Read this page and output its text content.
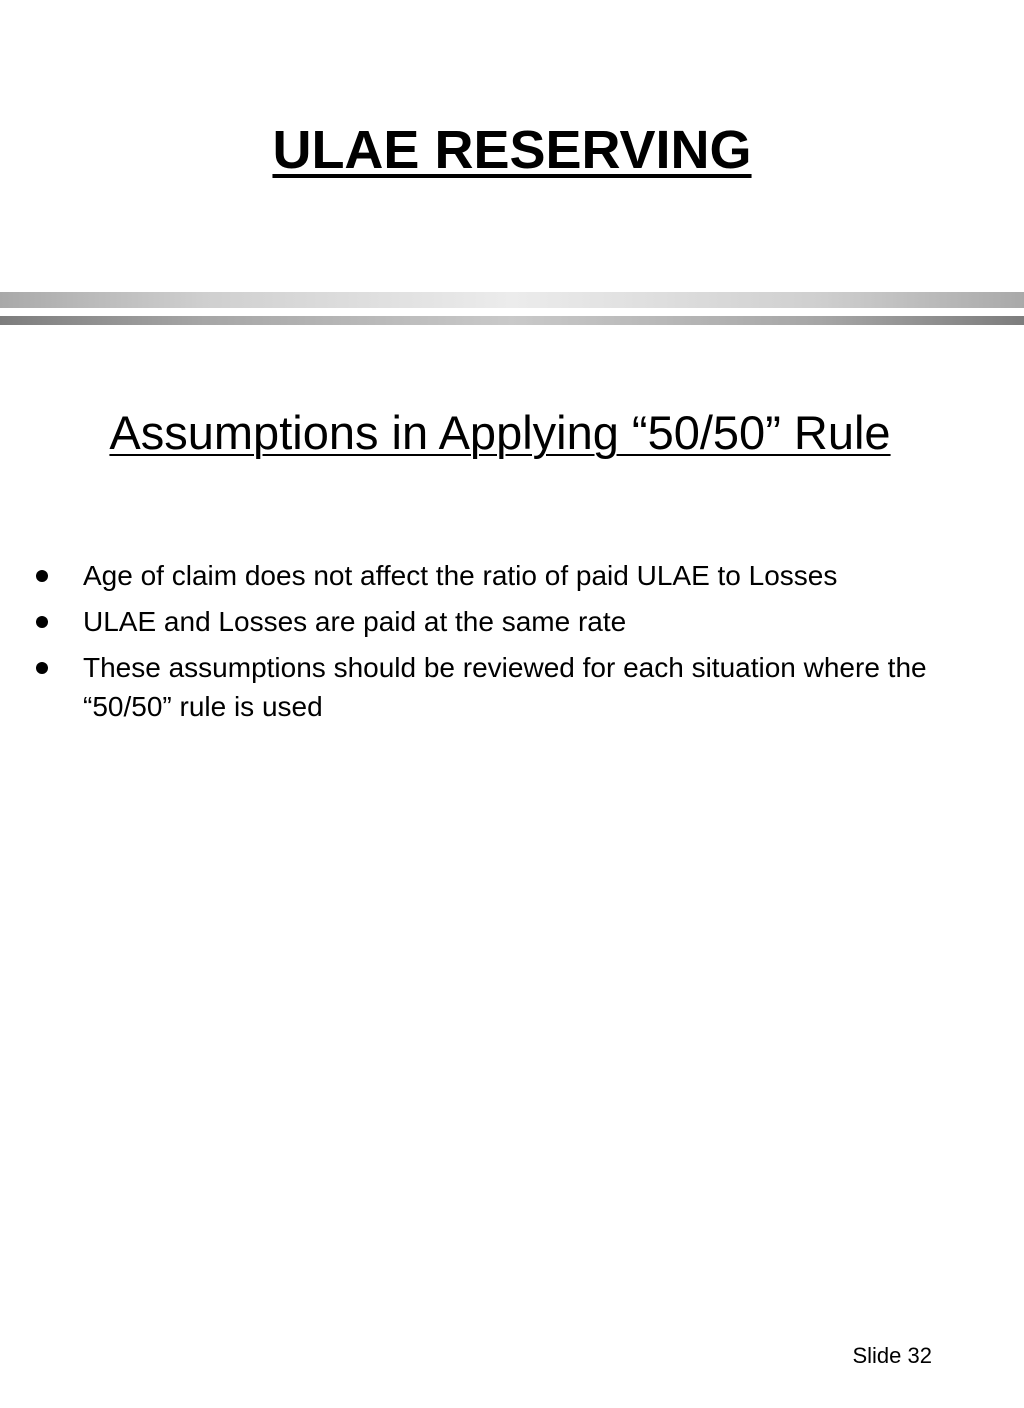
ULAE RESERVING
Assumptions in Applying “50/50” Rule
Age of claim does not affect the ratio of paid ULAE to Losses
ULAE and Losses are paid at the same rate
These assumptions should be reviewed for each situation where the “50/50” rule is used
Slide 32
